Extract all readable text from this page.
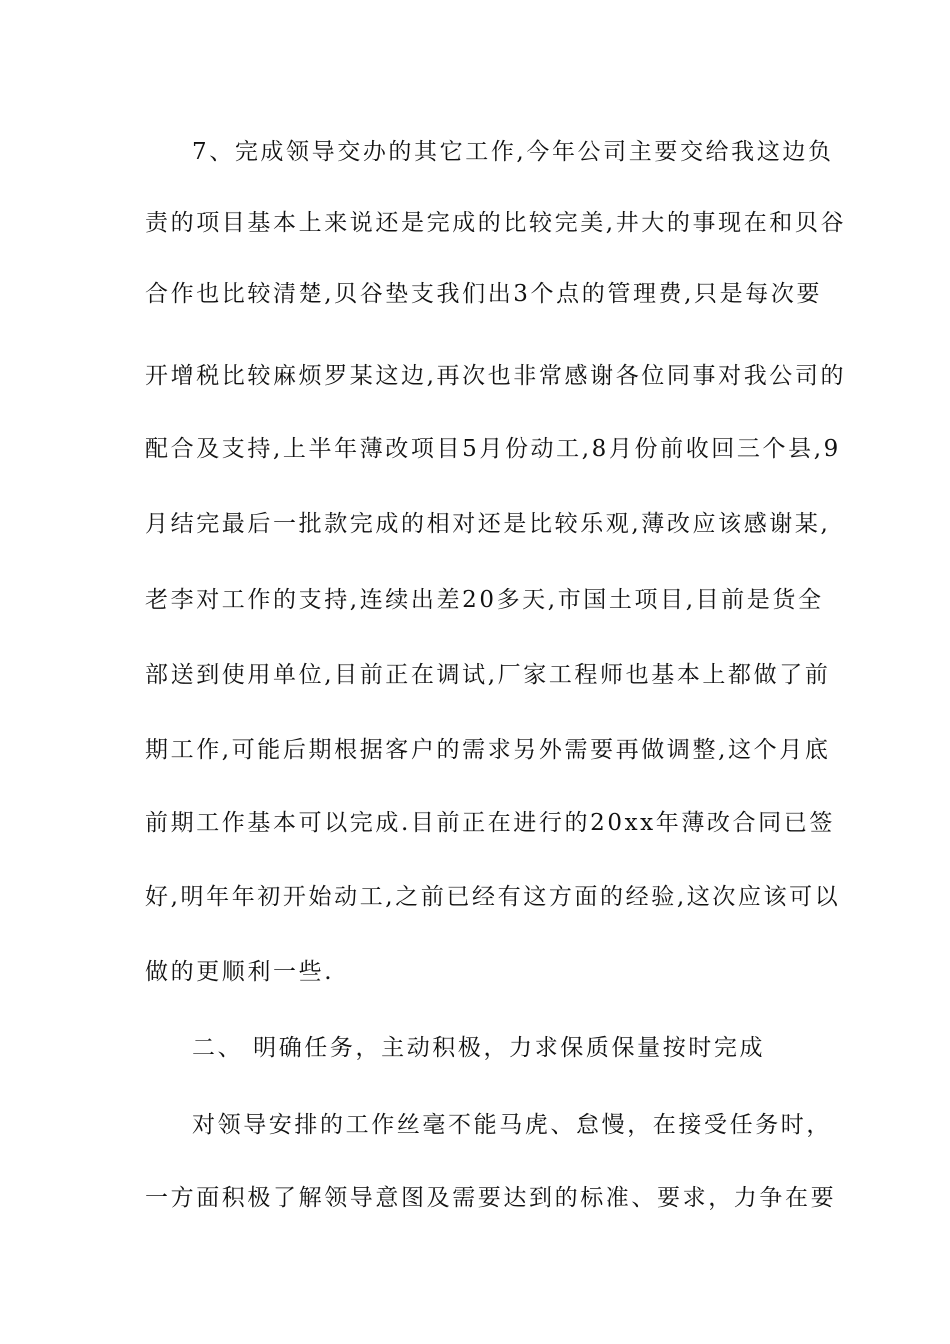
7、完成领导交办的其它工作,今年公司主要交给我这边负
责的项目基本上来说还是完成的比较完美,井大的事现在和贝谷
合作也比较清楚,贝谷垫支我们出3个点的管理费,只是每次要
开增税比较麻烦罗某这边,再次也非常感谢各位同事对我公司的
配合及支持,上半年薄改项目5月份动工,8月份前收回三个县,9
月结完最后一批款完成的相对还是比较乐观,薄改应该感谢某,
老李对工作的支持,连续出差20多天,市国土项目,目前是货全
部送到使用单位,目前正在调试,厂家工程师也基本上都做了前
期工作,可能后期根据客户的需求另外需要再做调整,这个月底
前期工作基本可以完成.目前正在进行的20xx年薄改合同已签
好,明年年初开始动工,之前已经有这方面的经验,这次应该可以
做的更顺利一些.
二、 明确任务，主动积极，力求保质保量按时完成
对领导安排的工作丝毫不能马虎、怠慢，在接受任务时，
一方面积极了解领导意图及需要达到的标准、要求，力争在要
